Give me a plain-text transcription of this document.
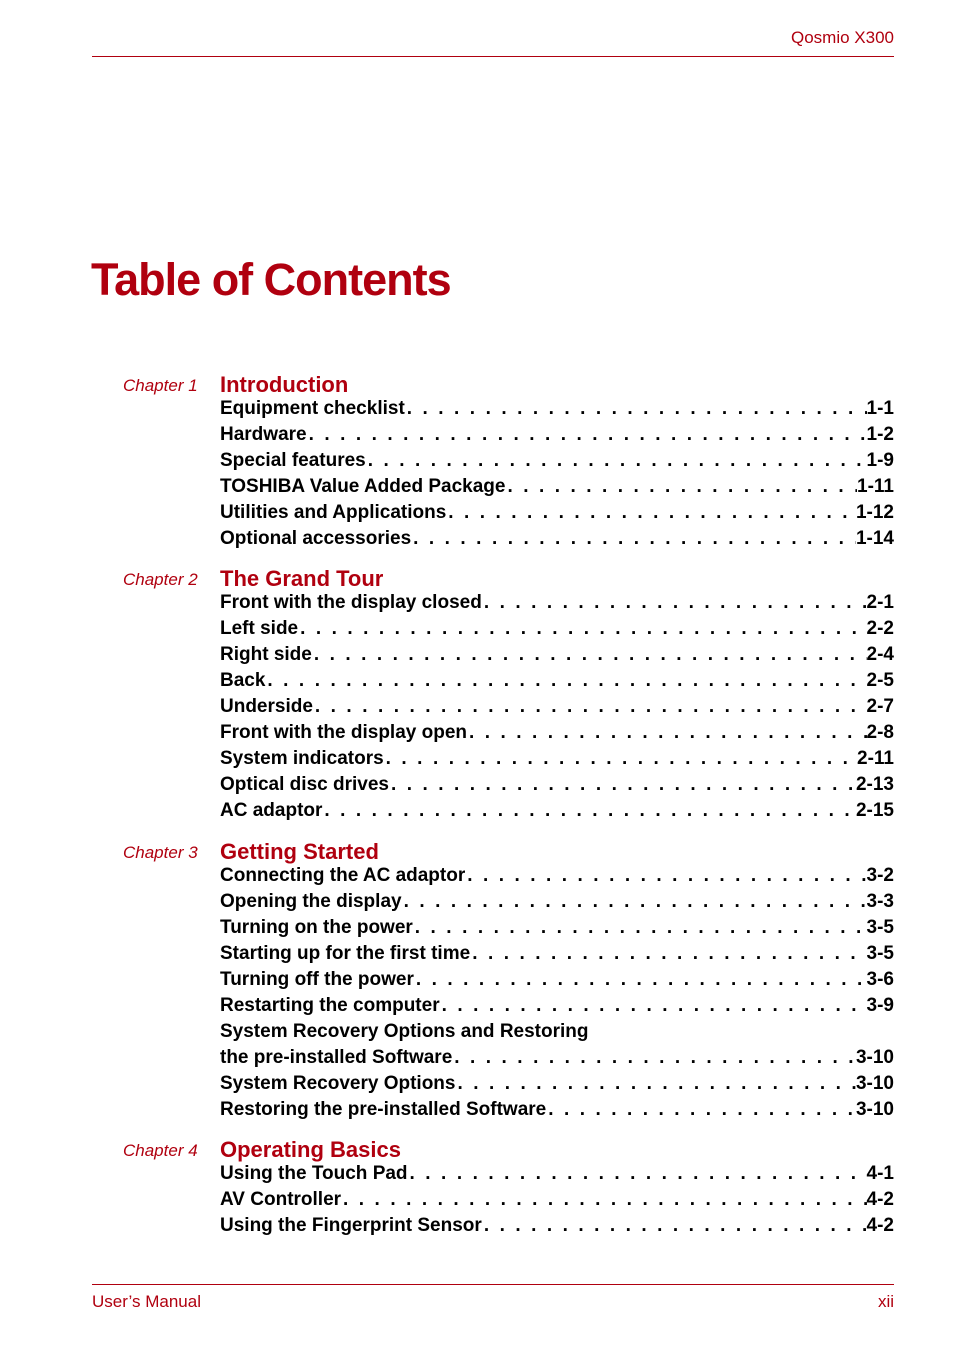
Qosmio X300
Table of Contents
Chapter 1 Introduction
Equipment checklist . . .	1-1
Hardware . . .	1-2
Special features . . .	1-9
TOSHIBA Value Added Package . . .	1-11
Utilities and Applications . . .	1-12
Optional accessories . . .	1-14
Chapter 2 The Grand Tour
Front with the display closed . . .	2-1
Left side . . .	2-2
Right side . . .	2-4
Back . . .	2-5
Underside . . .	2-7
Front with the display open . . .	2-8
System indicators . . .	2-11
Optical disc drives . . .	2-13
AC adaptor . . .	2-15
Chapter 3 Getting Started
Connecting the AC adaptor . . .	3-2
Opening the display . . .	3-3
Turning on the power . . .	3-5
Starting up for the first time . . .	3-5
Turning off the power . . .	3-6
Restarting the computer . . .	3-9
System Recovery Options and Restoring
the pre-installed Software . . .	3-10
System Recovery Options . . .	3-10
Restoring the pre-installed Software . . .	3-10
Chapter 4 Operating Basics
Using the Touch Pad . . .	4-1
AV Controller . . .	4-2
Using the Fingerprint Sensor . . .	4-2
User’s Manual	xii
